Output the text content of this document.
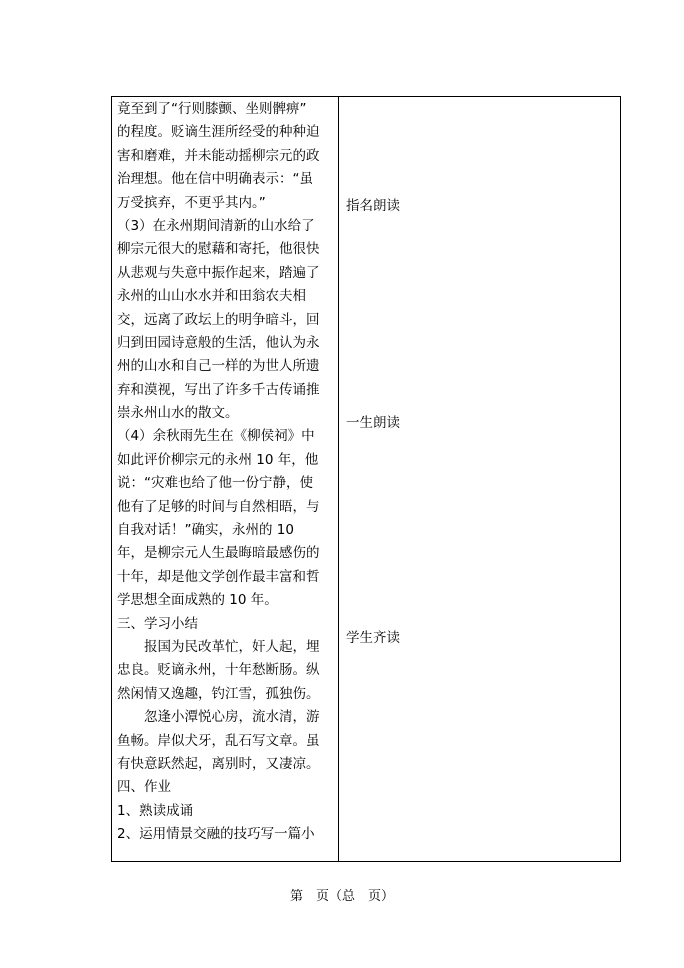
竟至到了“行则膝颤、坐则髀痹”
的程度。贬谪生涯所经受的种种迫
害和磨难，并未能动摇柳宗元的政
治理想。他在信中明确表示：“虽
万受摈弃，不更乎其内。”
（3）在永州期间清新的山水给了
柳宗元很大的慰藉和寄托，他很快
从悲观与失意中振作起来，踏遍了
永州的山山水水并和田翁农夫相
交，远离了政坛上的明争暗斗，回
归到田园诗意般的生活，他认为永
州的山水和自己一样的为世人所遗
弃和漠视，写出了许多千古传诵推
崇永州山水的散文。
（4）余秋雨先生在《柳侯祠》中
如此评价柳宗元的永州 10 年，他
说：“灾难也给了他一份宁静，使
他有了足够的时间与自然相晤，与
自我对话！”确实，永州的 10
年，是柳宗元人生最晦暗最感伤的
十年，却是他文学创作最丰富和哲
学思想全面成熟的 10 年。
三、学习小结
报国为民改革忙，奸人起，埋
忠良。贬谪永州，十年愁断肠。纵
然闲情又逸趣，钓江雪，孤独伤。
忽逢小潭悦心房，流水清，游
鱼畅。岸似犬牙，乱石写文章。虽
有快意跃然起，离别时，又凄凉。
四、作业
1、熟读成诵
2、运用情景交融的技巧写一篇小
指名朗读
一生朗读
学生齐读
第　页（总　页）
